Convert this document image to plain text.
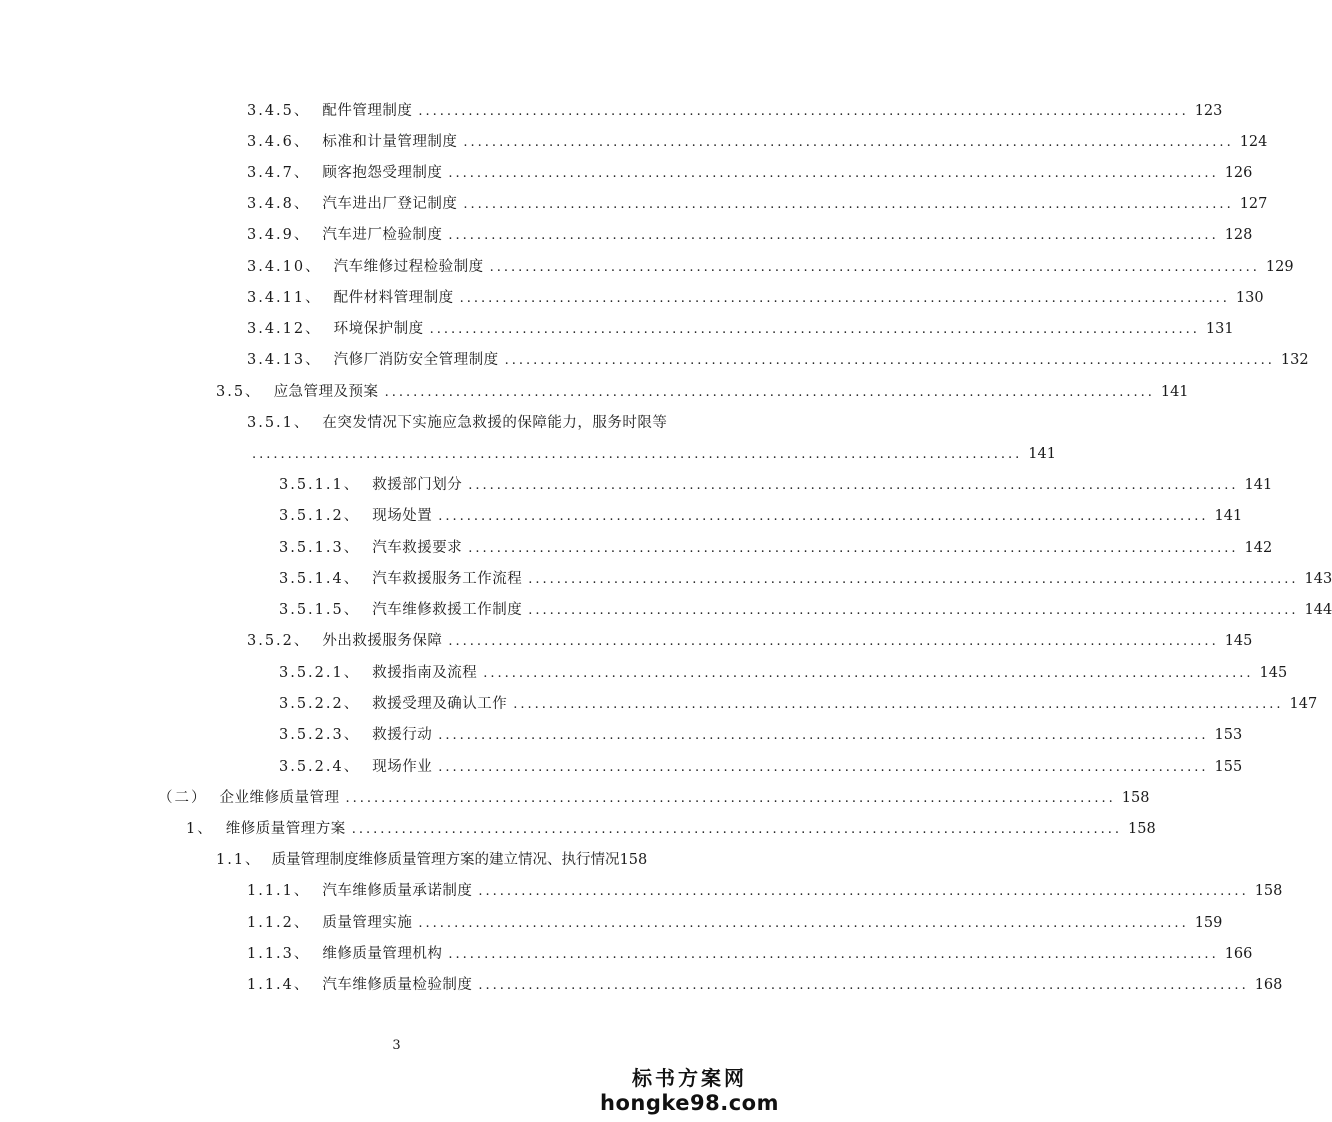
3.4.5、 配件管理制度 ............................................................................................................ 123
3.4.6、 标准和计量管理制度 ............................................................................................................ 124
3.4.7、 顾客抱怨受理制度 ............................................................................................................ 126
3.4.8、 汽车进出厂登记制度 ............................................................................................................ 127
3.4.9、 汽车进厂检验制度 ............................................................................................................ 128
3.4.10、 汽车维修过程检验制度 ............................................................................................................ 129
3.4.11、 配件材料管理制度 ............................................................................................................ 130
3.4.12、 环境保护制度 ............................................................................................................ 131
3.4.13、 汽修厂消防安全管理制度 ............................................................................................................ 132
3.5、 应急管理及预案 ............................................................................................................ 141
3.5.1、 在突发情况下实施应急救援的保障能力，服务时限等
............................................................................................................ 141
3.5.1.1、 救援部门划分 ............................................................................................................ 141
3.5.1.2、 现场处置 ............................................................................................................ 141
3.5.1.3、 汽车救援要求 ............................................................................................................ 142
3.5.1.4、 汽车救援服务工作流程 ............................................................................................................ 143
3.5.1.5、 汽车维修救援工作制度 ............................................................................................................ 144
3.5.2、 外出救援服务保障 ............................................................................................................ 145
3.5.2.1、 救援指南及流程 ............................................................................................................ 145
3.5.2.2、 救援受理及确认工作 ............................................................................................................ 147
3.5.2.3、 救援行动 ............................................................................................................ 153
3.5.2.4、 现场作业 ............................................................................................................ 155
（二） 企业维修质量管理 ............................................................................................................ 158
1、 维修质量管理方案 ............................................................................................................ 158
1.1、 质量管理制度维修质量管理方案的建立情况、执行情况 158
1.1.1、 汽车维修质量承诺制度 ............................................................................................................ 158
1.1.2、 质量管理实施 ............................................................................................................ 159
1.1.3、 维修质量管理机构 ............................................................................................................ 166
1.1.4、 汽车维修质量检验制度 ............................................................................................................ 168
3
标书方案网
hongke98.com
